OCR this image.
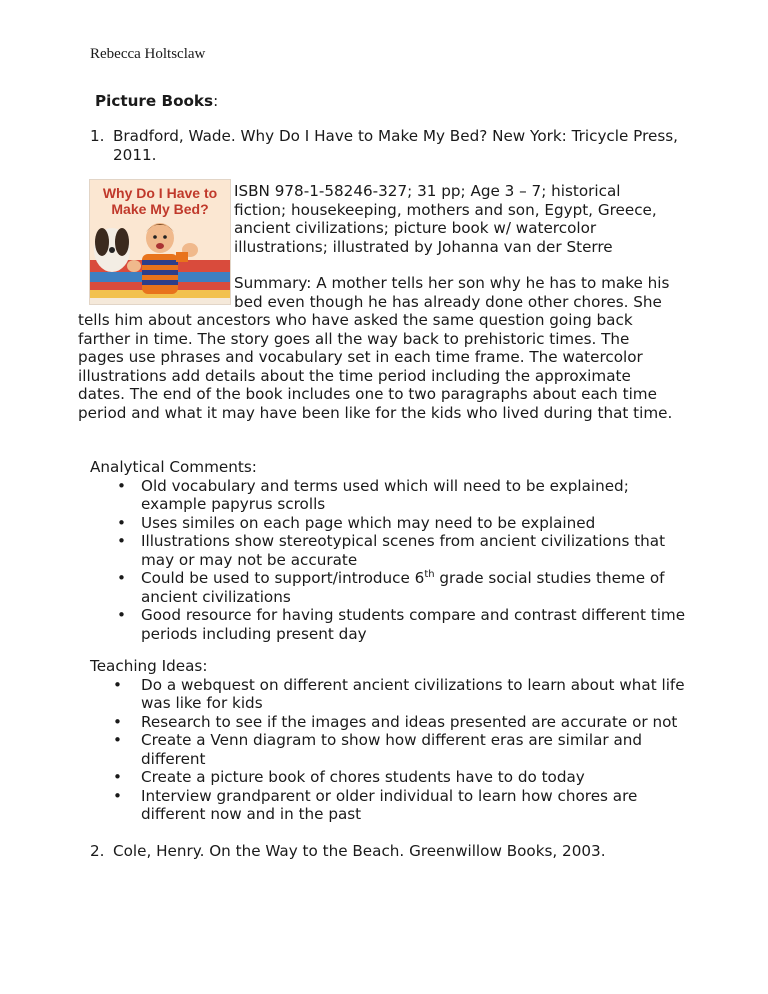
Rebecca Holtsclaw
Picture Books:
1. Bradford, Wade. Why Do I Have to Make My Bed? New York: Tricycle Press, 2011.
Why Do I Have to
Make My Bed?
ISBN 978-1-58246-327; 31 pp; Age 3 – 7; historical fiction; housekeeping, mothers and son, Egypt, Greece, ancient civilizations; picture book w/ watercolor illustrations; illustrated by Johanna van der Sterre
Summary: A mother tells her son why he has to make his bed even though he has already done other chores. She tells him about ancestors who have asked the same question going back farther in time. The story goes all the way back to prehistoric times. The pages use phrases and vocabulary set in each time frame. The watercolor illustrations add details about the time period including the approximate dates. The end of the book includes one to two paragraphs about each time period and what it may have been like for the kids who lived during that time.

Analytical Comments:

• Old vocabulary and terms used which will need to be explained; example papyrus scrolls
• Uses similes on each page which may need to be explained
• Illustrations show stereotypical scenes from ancient civilizations that may or may not be accurate
• Could be used to support/introduce 6th grade social studies theme of ancient civilizations
• Good resource for having students compare and contrast different time periods including present day

Teaching Ideas:

• Do a webquest on different ancient civilizations to learn about what life was like for kids
• Research to see if the images and ideas presented are accurate or not
• Create a Venn diagram to show how different eras are similar and different
• Create a picture book of chores students have to do today
• Interview grandparent or older individual to learn how chores are different now and in the past
2. Cole, Henry. On the Way to the Beach. Greenwillow Books, 2003.
